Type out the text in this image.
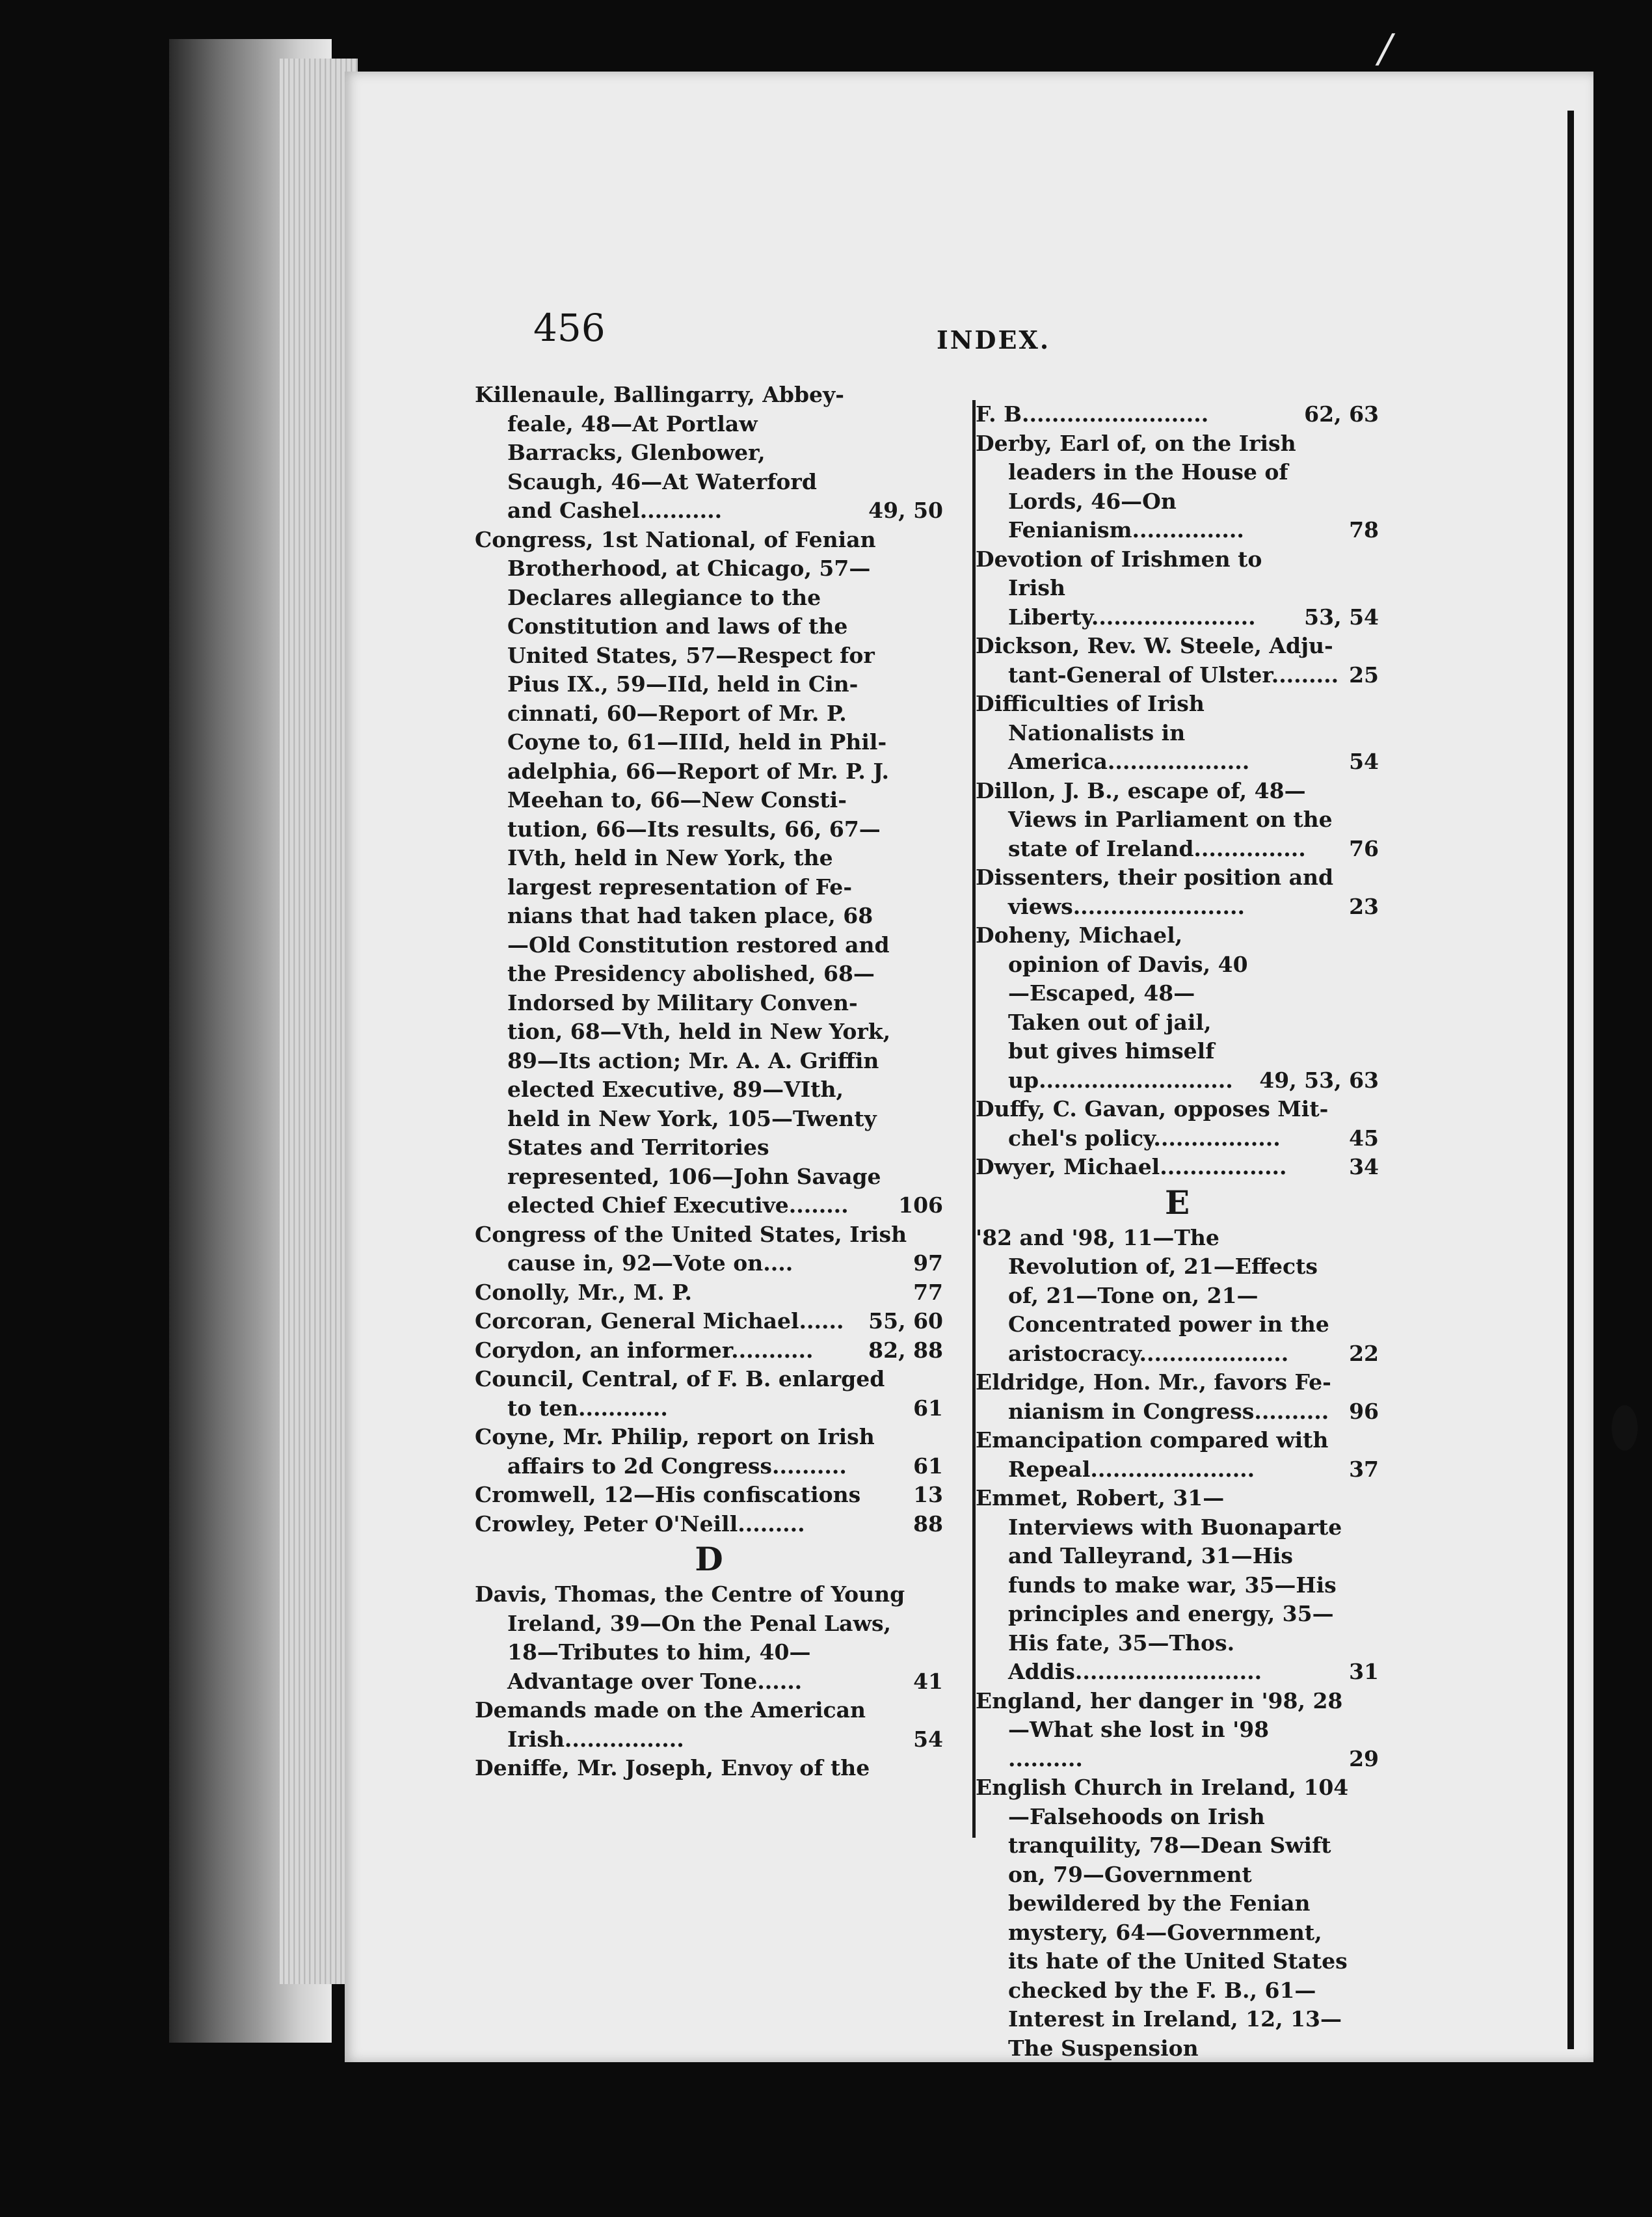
/
456	INDEX.
Killenaule, Ballingarry, Abbeyfeale, 48—At Portlaw Barracks, Glenbower, Scaugh, 46—At Waterford and Cashel...........	49, 50
Congress, 1st National, of Fenian Brotherhood, at Chicago, 57—Declares allegiance to the Constitution and laws of the United States, 57—Respect for Pius IX., 59—IId, held in Cincinnati, 60—Report of Mr. P. Coyne to, 61—IIId, held in Philadelphia, 66—Report of Mr. P. J. Meehan to, 66—New Constitution, 66—Its results, 66, 67—IVth, held in New York, the largest representation of Fenians that had taken place, 68—Old Constitution restored and the Presidency abolished, 68—Indorsed by Military Convention, 68—Vth, held in New York, 89—Its action; Mr. A. A. Griffin elected Executive, 89—VIth, held in New York, 105—Twenty States and Territories represented, 106—John Savage elected Chief Executive........	106
Congress of the United States, Irish cause in, 92—Vote on....	97
Conolly, Mr., M. P.	77
Corcoran, General Michael......	55, 60
Corydon, an informer...........	82, 88
Council, Central, of F. B. enlarged to ten............	61
Coyne, Mr. Philip, report on Irish affairs to 2d Congress..........	61
Cromwell, 12—His confiscations	13
Crowley, Peter O'Neill.........	88
D
Davis, Thomas, the Centre of Young Ireland, 39—On the Penal Laws, 18—Tributes to him, 40—Advantage over Tone......	41
Demands made on the American Irish................	54
Deniffe, Mr. Joseph, Envoy of the
F. B.........................	62, 63
Derby, Earl of, on the Irish leaders in the House of Lords, 46—On Fenianism...............	78
Devotion of Irishmen to Irish Liberty......................	53, 54
Dickson, Rev. W. Steele, Adjutant-General of Ulster......... 25
Difficulties of Irish Nationalists in America...................	54
Dillon, J. B., escape of, 48—Views in Parliament on the state of Ireland...............	76
Dissenters, their position and views.......................	23
Doheny, Michael, opinion of Davis, 40—Escaped, 48—Taken out of jail, but gives himself up..........................	49, 53, 63
Duffy, C. Gavan, opposes Mitchel's policy.................	45
Dwyer, Michael.................	34
E
'82 and '98, 11—The Revolution of, 21—Effects of, 21—Tone on, 21—Concentrated power in the aristocracy....................	22
Eldridge, Hon. Mr., favors Fenianism in Congress.......... 96
Emancipation compared with Repeal......................	37
Emmet, Robert, 31—Interviews with Buonaparte and Talleyrand, 31—His funds to make war, 35—His principles and energy, 35—His fate, 35—Thos. Addis.........................	31
England, her danger in '98, 28—What she lost in '98 ..........	29
English Church in Ireland, 104—Falsehoods on Irish tranquility, 78—Dean Swift on, 79—Government bewildered by the Fenian mystery, 64—Government, its hate of the United States checked by the F. B., 61—Interest in Ireland, 12, 13—The Suspension
